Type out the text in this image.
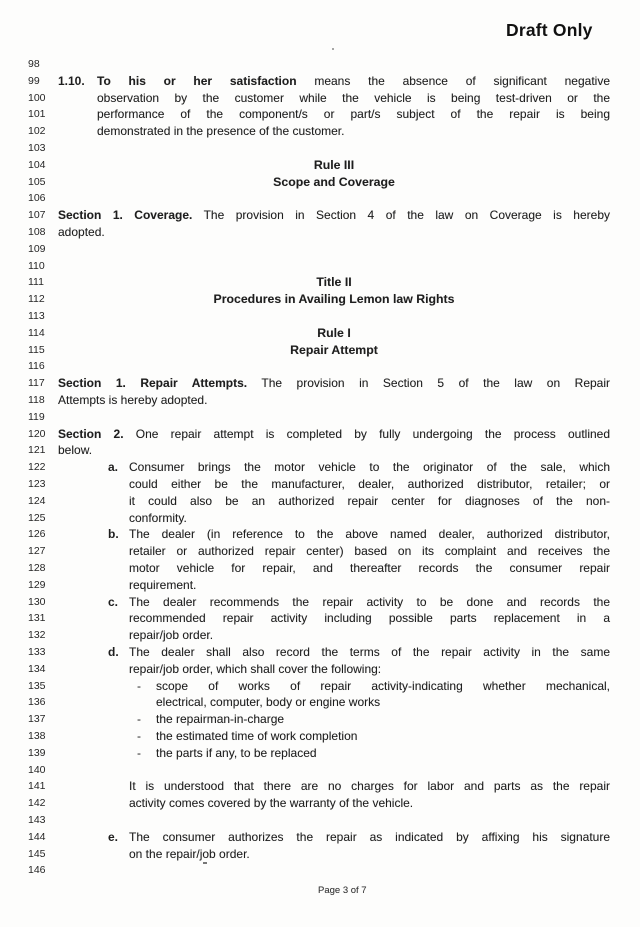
Draft Only
98
99 1.10.	To his or her satisfaction means the absence of significant negative
100	observation by the customer while the vehicle is being test-driven or the
101	performance of the component/s or part/s subject of the repair is being
102	demonstrated in the presence of the customer.
103
104	Rule III
105	Scope and Coverage
106
107 Section 1. Coverage. The provision in Section 4 of the law on Coverage is hereby
108 adopted.
109
110
111	Title II
112	Procedures in Availing Lemon law Rights
113
114	Rule I
115	Repair Attempt
116
117 Section 1. Repair Attempts. The provision in Section 5 of the law on Repair
118 Attempts is hereby adopted.
119
120 Section 2. One repair attempt is completed by fully undergoing the process outlined
121 below.
122	a. Consumer brings the motor vehicle to the originator of the sale, which
123	could either be the manufacturer, dealer, authorized distributor, retailer; or
124	it could also be an authorized repair center for diagnoses of the non-
125	conformity.
126	b. The dealer (in reference to the above named dealer, authorized distributor,
127	retailer or authorized repair center) based on its complaint and receives the
128	motor vehicle for repair, and thereafter records the consumer repair
129	requirement.
130	c. The dealer recommends the repair activity to be done and records the
131	recommended repair activity including possible parts replacement in a
132	repair/job order.
133	d. The dealer shall also record the terms of the repair activity in the same
134	repair/job order, which shall cover the following:
135	-	scope of works of repair activity-indicating whether mechanical,
136	electrical, computer, body or engine works
137	-	the repairman-in-charge
138	-	the estimated time of work completion
139	-	the parts if any, to be replaced
140
141	It is understood that there are no charges for labor and parts as the repair
142	activity comes covered by the warranty of the vehicle.
143
144	e. The consumer authorizes the repair as indicated by affixing his signature
145	on the repair/job order.
146
Page 3 of 7
